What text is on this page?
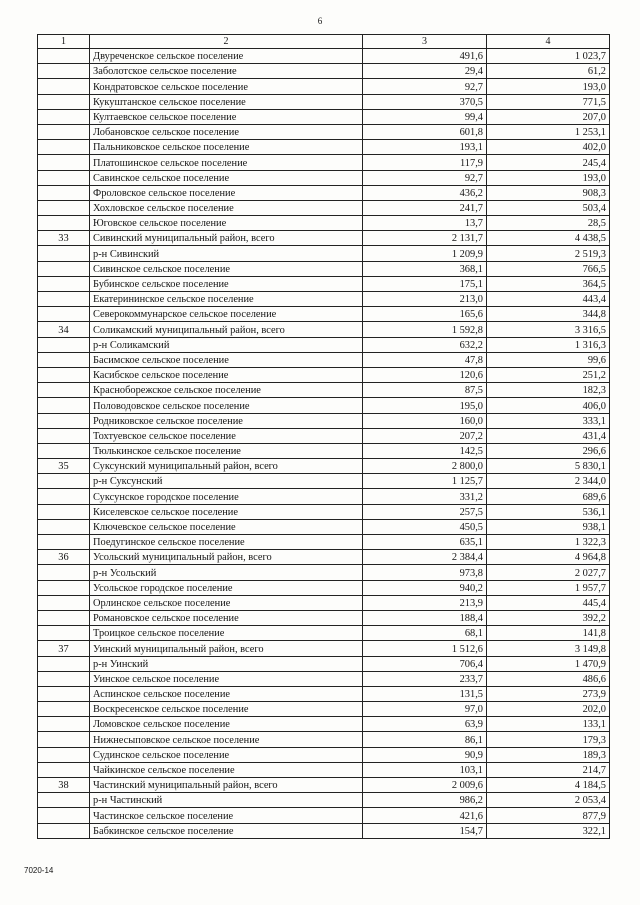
6
1	2	3	4
	Двуреченское сельское поселение	491,6	1 023,7
	Заболотское сельское поселение	29,4	61,2
	Кондратовское сельское поселение	92,7	193,0
	Кукуштанское сельское поселение	370,5	771,5
	Култаевское сельское поселение	99,4	207,0
	Лобановское сельское поселение	601,8	1 253,1
	Пальниковское сельское поселение	193,1	402,0
	Платошинское сельское поселение	117,9	245,4
	Савинское сельское поселение	92,7	193,0
	Фроловское сельское поселение	436,2	908,3
	Хохловское сельское поселение	241,7	503,4
	Юговское сельское поселение	13,7	28,5
33	Сивинский муниципальный район, всего	2 131,7	4 438,5
	р-н Сивинский	1 209,9	2 519,3
	Сивинское сельское поселение	368,1	766,5
	Бубинское сельское поселение	175,1	364,5
	Екатерининское сельское поселение	213,0	443,4
	Северокоммунарское сельское поселение	165,6	344,8
34	Соликамский муниципальный район, всего	1 592,8	3 316,5
	р-н Соликамский	632,2	1 316,3
	Басимское сельское поселение	47,8	99,6
	Касибское сельское поселение	120,6	251,2
	Красноборежское сельское поселение	87,5	182,3
	Половодовское сельское поселение	195,0	406,0
	Родниковское сельское поселение	160,0	333,1
	Тохтуевское сельское поселение	207,2	431,4
	Тюлькинское сельское поселение	142,5	296,6
35	Суксунский муниципальный район, всего	2 800,0	5 830,1
	р-н Суксунский	1 125,7	2 344,0
	Суксунское городское поселение	331,2	689,6
	Киселевское сельское поселение	257,5	536,1
	Ключевское сельское поселение	450,5	938,1
	Поедугинское сельское поселение	635,1	1 322,3
36	Усольский муниципальный район, всего	2 384,4	4 964,8
	р-н Усольский	973,8	2 027,7
	Усольское городское поселение	940,2	1 957,7
	Орлинское сельское поселение	213,9	445,4
	Романовское сельское поселение	188,4	392,2
	Троицкое сельское поселение	68,1	141,8
37	Уинский муниципальный район, всего	1 512,6	3 149,8
	р-н Уинский	706,4	1 470,9
	Уинское сельское поселение	233,7	486,6
	Аспинское сельское поселение	131,5	273,9
	Воскресенское сельское поселение	97,0	202,0
	Ломовское сельское поселение	63,9	133,1
	Нижнесыповское сельское поселение	86,1	179,3
	Судинское сельское поселение	90,9	189,3
	Чайкинское сельское поселение	103,1	214,7
38	Частинский муниципальный район, всего	2 009,6	4 184,5
	р-н Частинский	986,2	2 053,4
	Частинское сельское поселение	421,6	877,9
	Бабкинское сельское поселение	154,7	322,1
7020-14
